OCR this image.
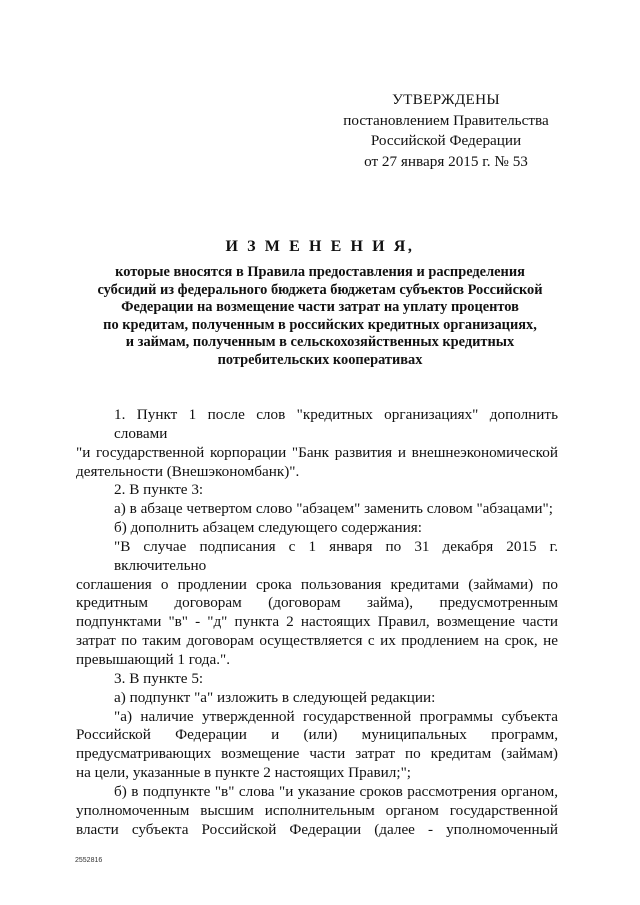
УТВЕРЖДЕНЫ
постановлением Правительства
Российской Федерации
от 27 января 2015 г. № 53
И З М Е Н Е Н И Я,
которые вносятся в Правила предоставления и распределения
субсидий из федерального бюджета бюджетам субъектов Российской
Федерации на возмещение части затрат на уплату процентов
по кредитам, полученным в российских кредитных организациях,
и займам, полученным в сельскохозяйственных кредитных
потребительских кооперативах
1. Пункт 1 после слов "кредитных организациях" дополнить словами
"и государственной корпорации "Банк развития и внешнеэкономической
деятельности (Внешэкономбанк)".
2. В пункте 3:
а) в абзаце четвертом слово "абзацем" заменить словом "абзацами";
б) дополнить абзацем следующего содержания:
"В случае подписания с 1 января по 31 декабря 2015 г. включительно
соглашения о продлении срока пользования кредитами (займами) по
кредитным договорам (договорам займа), предусмотренным
подпунктами "в" - "д" пункта 2 настоящих Правил, возмещение части
затрат по таким договорам осуществляется с их продлением на срок, не
превышающий 1 года.".
3. В пункте 5:
а) подпункт "а" изложить в следующей редакции:
"а) наличие утвержденной государственной программы субъекта
Российской Федерации и (или) муниципальных программ,
предусматривающих возмещение части затрат по кредитам (займам)
на цели, указанные в пункте 2 настоящих Правил;";
б) в подпункте "в" слова "и указание сроков рассмотрения органом,
уполномоченным высшим исполнительным органом государственной
власти субъекта Российской Федерации (далее - уполномоченный
2552816
